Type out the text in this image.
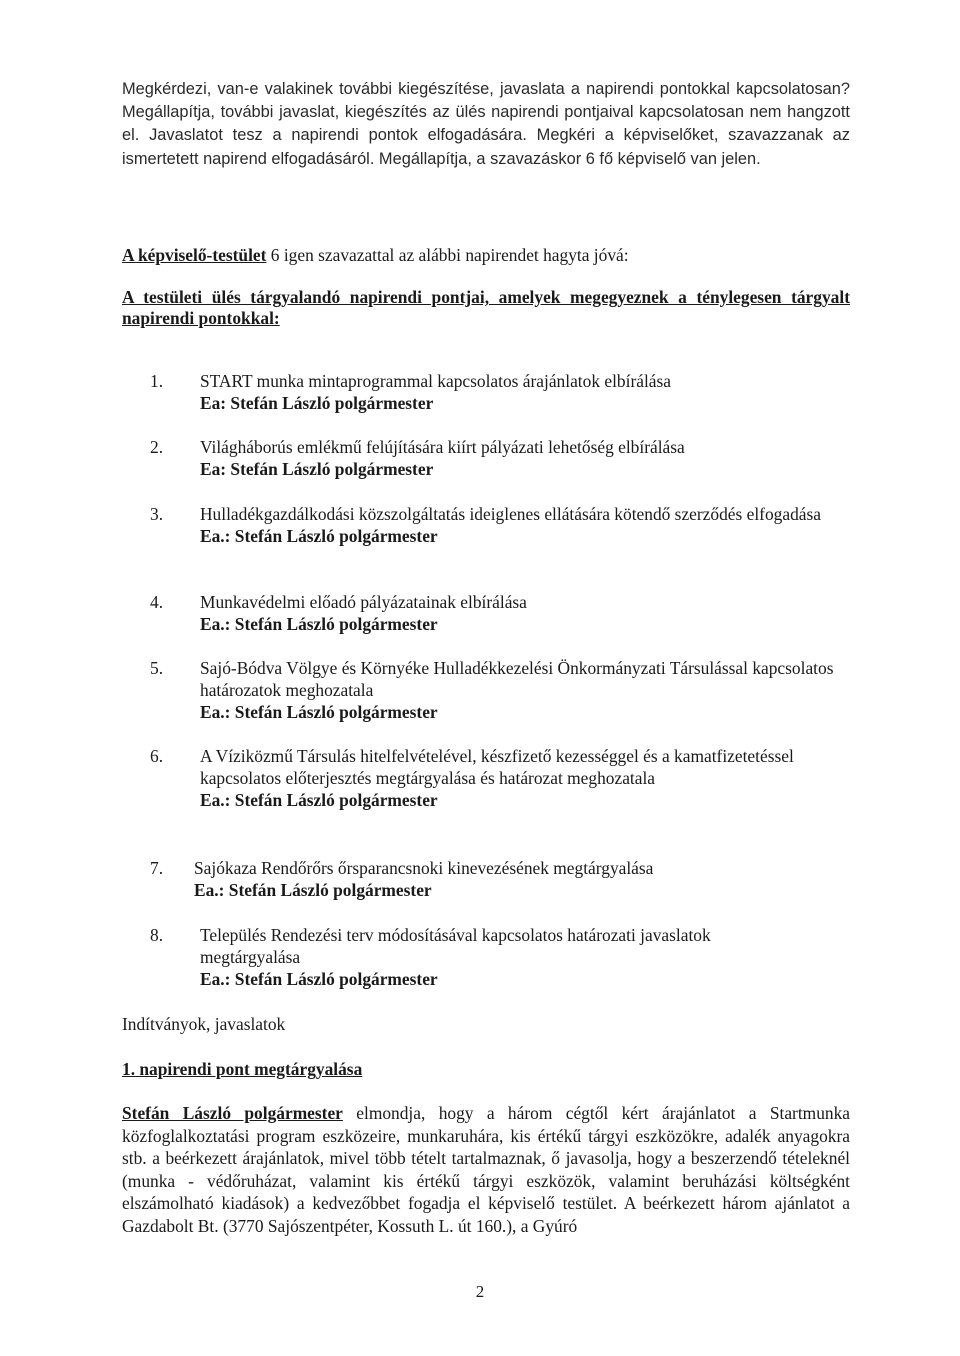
Megkérdezi, van-e valakinek további kiegészítése, javaslata a napirendi pontokkal kapcsolatosan? Megállapítja, további javaslat, kiegészítés az ülés napirendi pontjaival kapcsolatosan nem hangzott el. Javaslatot tesz a napirendi pontok elfogadására. Megkéri a képviselőket, szavazzanak az ismertetett napirend elfogadásáról. Megállapítja, a szavazáskor 6 fő képviselő van jelen.

A képviselő-testület 6 igen szavazattal az alábbi napirendet hagyta jóvá:

A testületi ülés tárgyalandó napirendi pontjai, amelyek megegyeznek a ténylegesen tárgyalt napirendi pontokkal:

1. START munka mintaprogrammal kapcsolatos árajánlatok elbírálása
Ea: Stefán László polgármester
2. Világháborús emlékmű felújítására kiírt pályázati lehetőség elbírálása
Ea: Stefán László polgármester
3. Hulladékgazdálkodási közszolgáltatás ideiglenes ellátására kötendő szerződés elfogadása
Ea.: Stefán László polgármester
4. Munkavédelmi előadó pályázatainak elbírálása
Ea.: Stefán László polgármester
5. Sajó-Bódva Völgye és Környéke Hulladékkezelési Önkormányzati Társulással kapcsolatos határozatok meghozatala
Ea.: Stefán László polgármester
6. A Víziközmű Társulás hitelfelvételével, készfizető kezességgel és a kamatfizetetéssel kapcsolatos előterjesztés megtárgyalása és határozat meghozatala
Ea.: Stefán László polgármester
7. Sajókaza Rendőrőrs őrsparancsnoki kinevezésének megtárgyalása
Ea.: Stefán László polgármester
8. Település Rendezési terv módosításával kapcsolatos határozati javaslatok megtárgyalása
Ea.: Stefán László polgármester

Indítványok, javaslatok

1. napirendi pont megtárgyalása

Stefán László polgármester elmondja, hogy a három cégtől kért árajánlatot a Startmunka közfoglalkoztatási program eszközeire, munkaruhára, kis értékű tárgyi eszközökre, adalék anyagokra stb. a beérkezett árajánlatok, mivel több tételt tartalmaznak, ő javasolja, hogy a beszerzendő tételeknél (munka - védőruházat, valamint kis értékű tárgyi eszközök, valamint beruházási költségként elszámolható kiadások) a kedvezőbbet fogadja el képviselő testület. A beérkezett három ajánlatot a Gazdabolt Bt. (3770 Sajószentpéter, Kossuth L. út 160.), a Gyúró

2
